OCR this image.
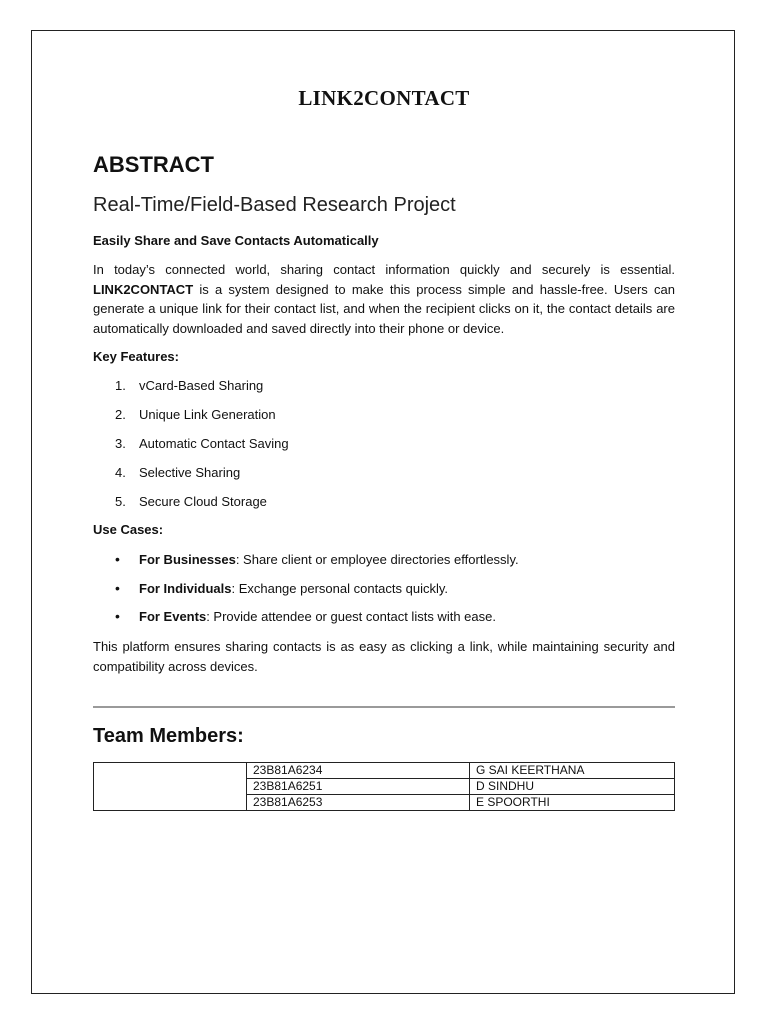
LINK2CONTACT
ABSTRACT
Real-Time/Field-Based Research Project

Easily Share and Save Contacts Automatically

In today’s connected world, sharing contact information quickly and securely is essential. LINK2CONTACT is a system designed to make this process simple and hassle-free. Users can generate a unique link for their contact list, and when the recipient clicks on it, the contact details are automatically downloaded and saved directly into their phone or device.

Key Features:

1. vCard-Based Sharing
2. Unique Link Generation
3. Automatic Contact Saving
4. Selective Sharing
5. Secure Cloud Storage

Use Cases:

• For Businesses: Share client or employee directories effortlessly.
• For Individuals: Exchange personal contacts quickly.
• For Events: Provide attendee or guest contact lists with ease.

This platform ensures sharing contacts is as easy as clicking a link, while maintaining security and compatibility across devices.

Team Members:
	23B81A6234	G SAI KEERTHANA
	23B81A6251	D SINDHU
	23B81A6253	E SPOORTHI
